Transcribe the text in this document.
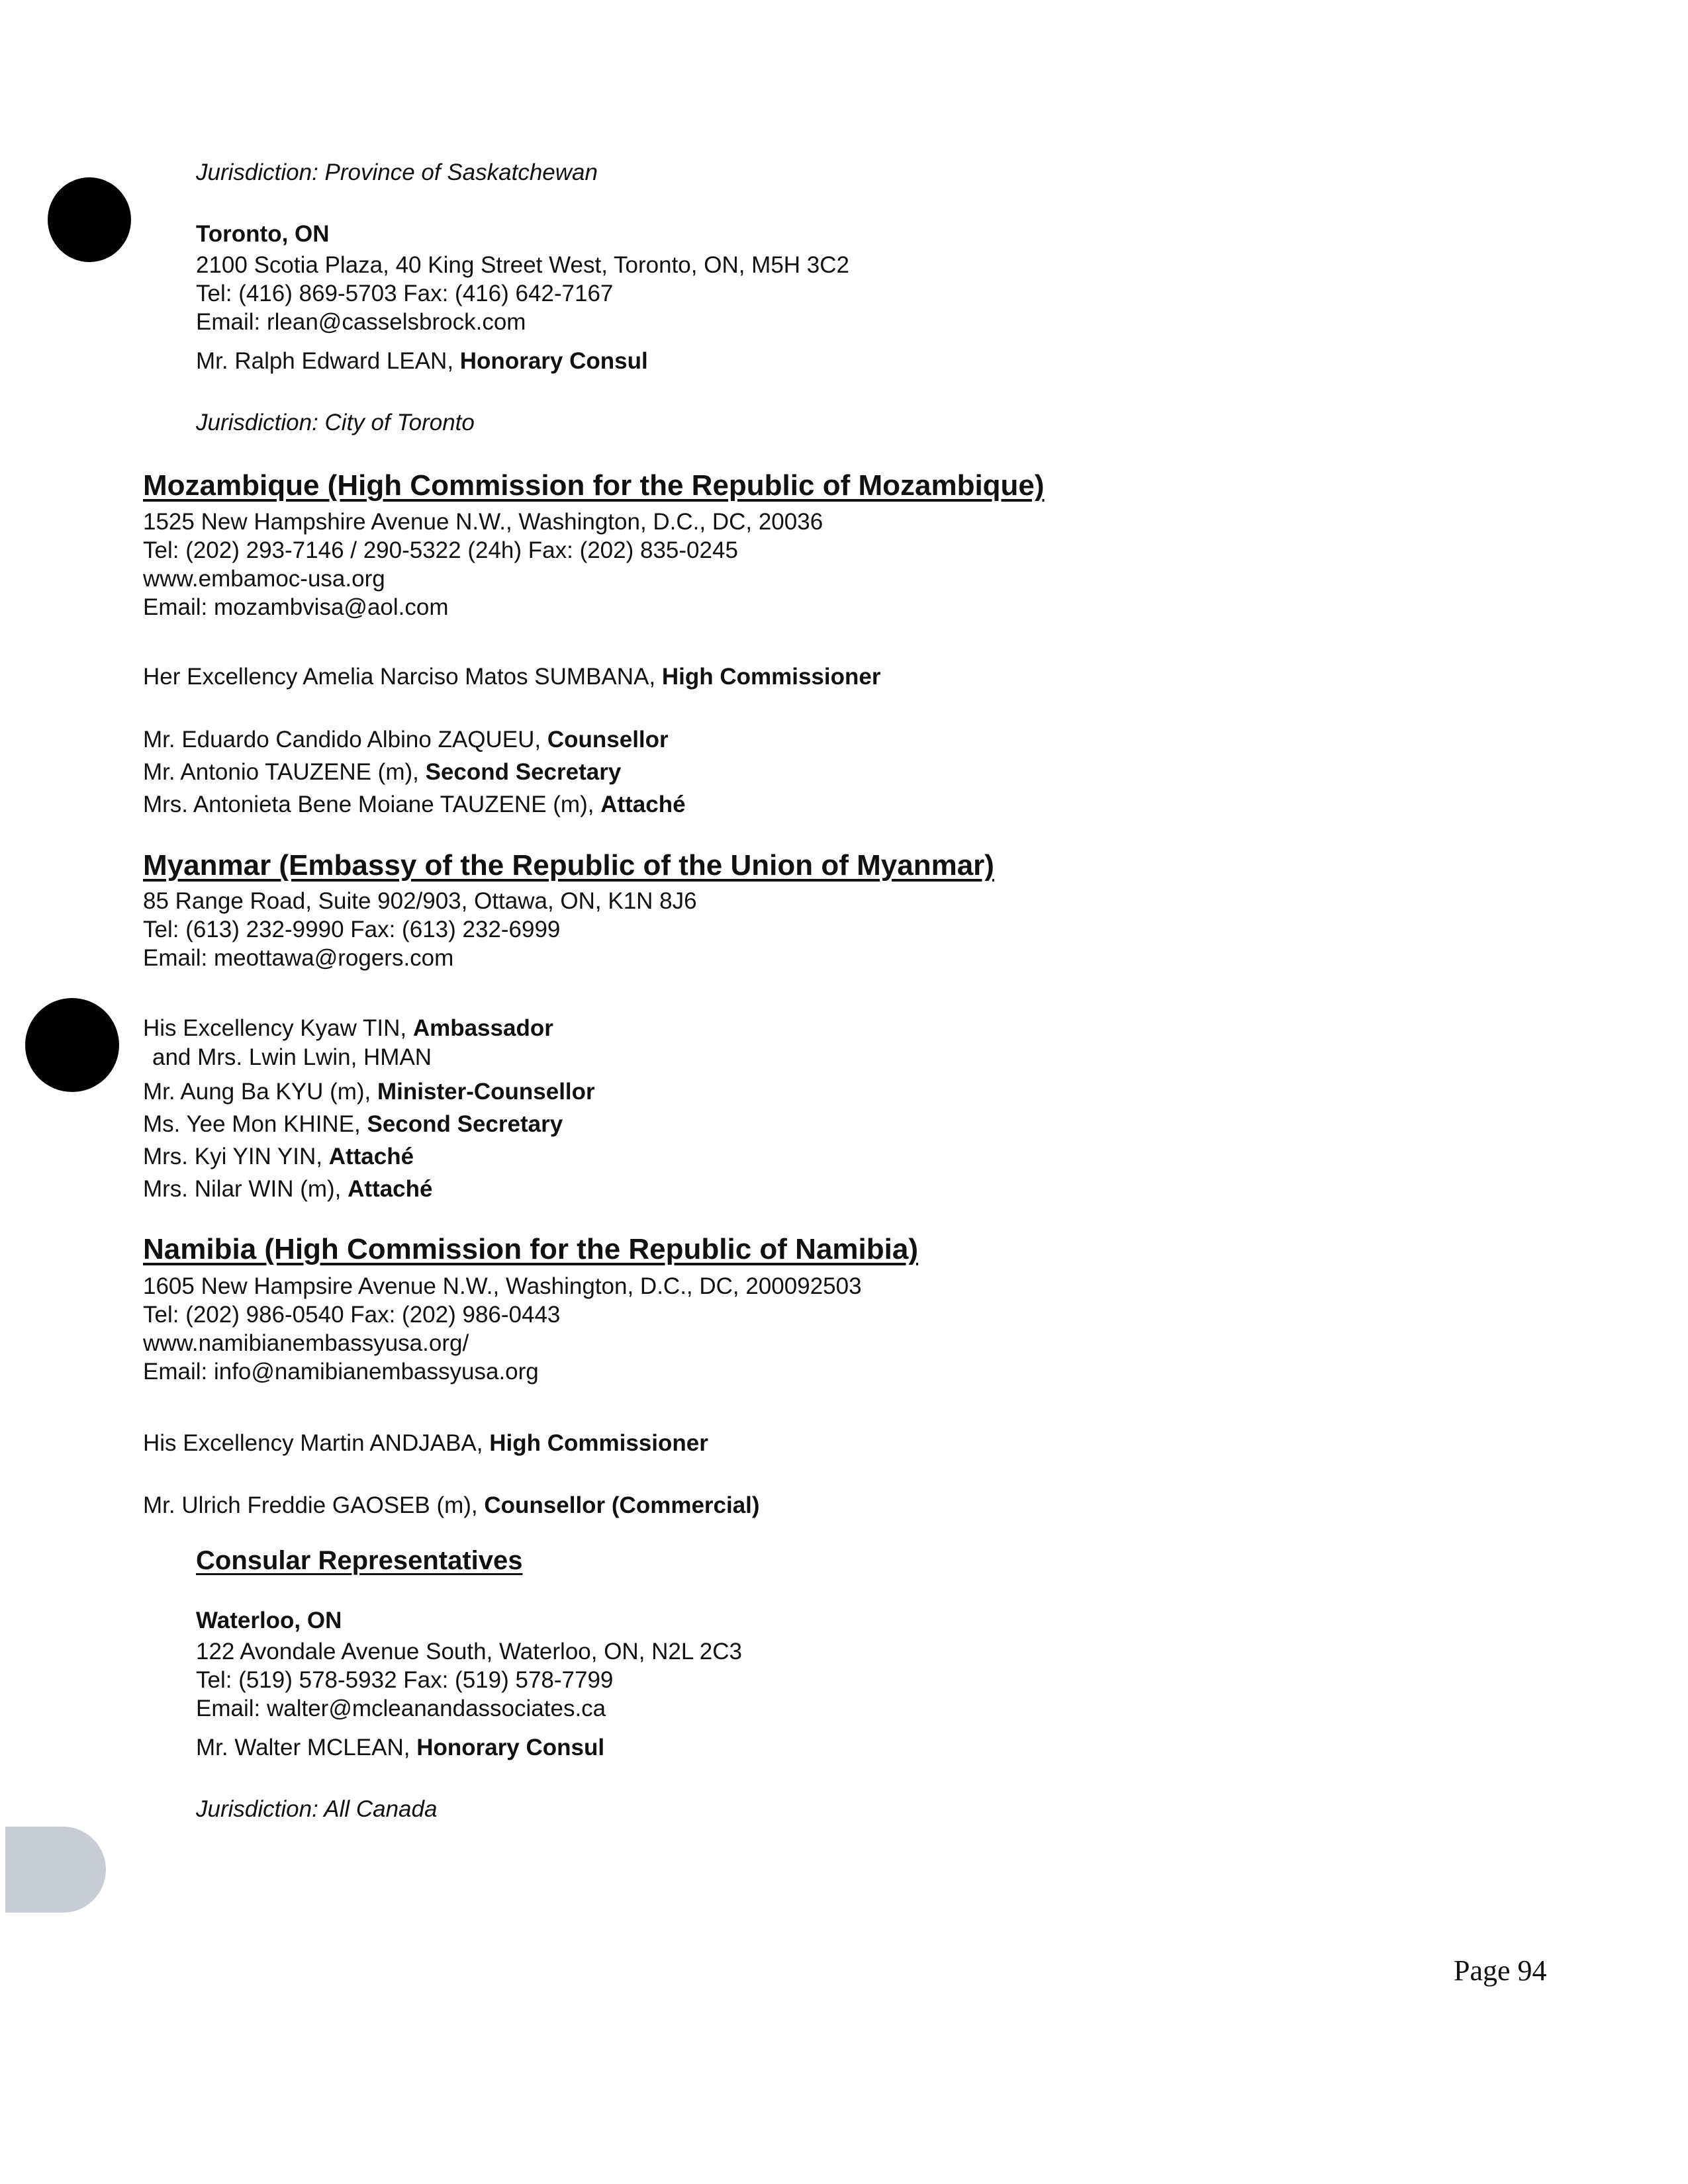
Jurisdiction: Province of Saskatchewan
Toronto, ON
2100 Scotia Plaza, 40 King Street West, Toronto, ON, M5H 3C2
Tel: (416) 869-5703 Fax: (416) 642-7167
Email: rlean@casselsbrock.com
Mr. Ralph Edward LEAN, Honorary Consul
Jurisdiction: City of Toronto
Mozambique (High Commission for the Republic of Mozambique)
1525 New Hampshire Avenue N.W., Washington, D.C., DC, 20036
Tel: (202) 293-7146 / 290-5322 (24h) Fax: (202) 835-0245
www.embamoc-usa.org
Email: mozambvisa@aol.com
Her Excellency Amelia Narciso Matos SUMBANA, High Commissioner
Mr. Eduardo Candido Albino ZAQUEU, Counsellor
Mr. Antonio TAUZENE (m), Second Secretary
Mrs. Antonieta Bene Moiane TAUZENE (m), Attaché
Myanmar (Embassy of the Republic of the Union of Myanmar)
85 Range Road, Suite 902/903, Ottawa, ON, K1N 8J6
Tel: (613) 232-9990 Fax: (613) 232-6999
Email: meottawa@rogers.com
His Excellency Kyaw TIN, Ambassador
and Mrs. Lwin Lwin, HMAN
Mr. Aung Ba KYU (m), Minister-Counsellor
Ms. Yee Mon KHINE, Second Secretary
Mrs. Kyi YIN YIN, Attaché
Mrs. Nilar WIN (m), Attaché
Namibia (High Commission for the Republic of Namibia)
1605 New Hampsire Avenue N.W., Washington, D.C., DC, 200092503
Tel: (202) 986-0540 Fax: (202) 986-0443
www.namibianembassyusa.org/
Email: info@namibianembassyusa.org
His Excellency Martin ANDJABA, High Commissioner
Mr. Ulrich Freddie GAOSEB (m), Counsellor (Commercial)
Consular Representatives
Waterloo, ON
122 Avondale Avenue South, Waterloo, ON, N2L 2C3
Tel: (519) 578-5932 Fax: (519) 578-7799
Email: walter@mcleanandassociates.ca
Mr. Walter MCLEAN, Honorary Consul
Jurisdiction: All Canada
Page 94
